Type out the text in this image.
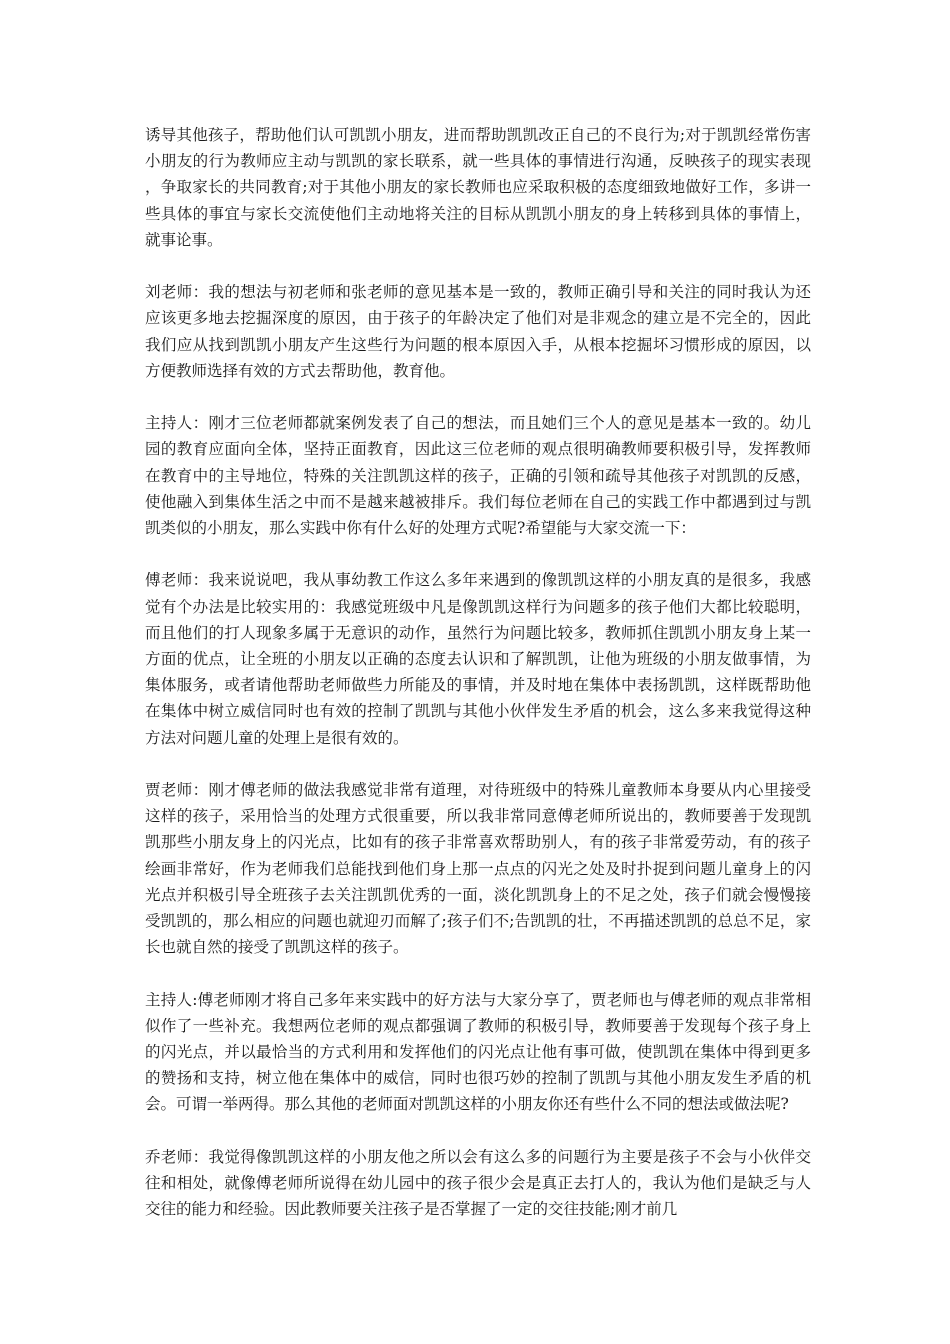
诱导其他孩子，帮助他们认可凯凯小朋友，进而帮助凯凯改正自己的不良行为;对于凯凯经常伤害小朋友的行为教师应主动与凯凯的家长联系，就一些具体的事情进行沟通，反映孩子的现实表现，争取家长的共同教育;对于其他小朋友的家长教师也应采取积极的态度细致地做好工作，多讲一些具体的事宜与家长交流使他们主动地将关注的目标从凯凯小朋友的身上转移到具体的事情上，就事论事。

刘老师：我的想法与初老师和张老师的意见基本是一致的，教师正确引导和关注的同时我认为还应该更多地去挖掘深度的原因，由于孩子的年龄决定了他们对是非观念的建立是不完全的，因此我们应从找到凯凯小朋友产生这些行为问题的根本原因入手，从根本挖掘坏习惯形成的原因，以方便教师选择有效的方式去帮助他，教育他。

主持人：刚才三位老师都就案例发表了自己的想法，而且她们三个人的意见是基本一致的。幼儿园的教育应面向全体，坚持正面教育，因此这三位老师的观点很明确教师要积极引导，发挥教师在教育中的主导地位，特殊的关注凯凯这样的孩子，正确的引领和疏导其他孩子对凯凯的反感，使他融入到集体生活之中而不是越来越被排斥。我们每位老师在自己的实践工作中都遇到过与凯凯类似的小朋友，那么实践中你有什么好的处理方式呢?希望能与大家交流一下：

傅老师：我来说说吧，我从事幼教工作这么多年来遇到的像凯凯这样的小朋友真的是很多，我感觉有个办法是比较实用的：我感觉班级中凡是像凯凯这样行为问题多的孩子他们大都比较聪明，而且他们的打人现象多属于无意识的动作，虽然行为问题比较多，教师抓住凯凯小朋友身上某一方面的优点，让全班的小朋友以正确的态度去认识和了解凯凯，让他为班级的小朋友做事情，为集体服务，或者请他帮助老师做些力所能及的事情，并及时地在集体中表扬凯凯，这样既帮助他在集体中树立威信同时也有效的控制了凯凯与其他小伙伴发生矛盾的机会，这么多来我觉得这种方法对问题儿童的处理上是很有效的。

贾老师：刚才傅老师的做法我感觉非常有道理，对待班级中的特殊儿童教师本身要从内心里接受这样的孩子，采用恰当的处理方式很重要，所以我非常同意傅老师所说出的，教师要善于发现凯凯那些小朋友身上的闪光点，比如有的孩子非常喜欢帮助别人，有的孩子非常爱劳动，有的孩子绘画非常好，作为老师我们总能找到他们身上那一点点的闪光之处及时扑捉到问题儿童身上的闪光点并积极引导全班孩子去关注凯凯优秀的一面，淡化凯凯身上的不足之处，孩子们就会慢慢接受凯凯的，那么相应的问题也就迎刃而解了;孩子们不;告凯凯的壮，不再描述凯凯的总总不足，家长也就自然的接受了凯凯这样的孩子。

主持人:傅老师刚才将自己多年来实践中的好方法与大家分享了，贾老师也与傅老师的观点非常相似作了一些补充。我想两位老师的观点都强调了教师的积极引导，教师要善于发现每个孩子身上的闪光点，并以最恰当的方式利用和发挥他们的闪光点让他有事可做，使凯凯在集体中得到更多的赞扬和支持，树立他在集体中的威信，同时也很巧妙的控制了凯凯与其他小朋友发生矛盾的机会。可谓一举两得。那么其他的老师面对凯凯这样的小朋友你还有些什么不同的想法或做法呢?

乔老师：我觉得像凯凯这样的小朋友他之所以会有这么多的问题行为主要是孩子不会与小伙伴交往和相处，就像傅老师所说得在幼儿园中的孩子很少会是真正去打人的，我认为他们是缺乏与人交往的能力和经验。因此教师要关注孩子是否掌握了一定的交往技能;刚才前几
